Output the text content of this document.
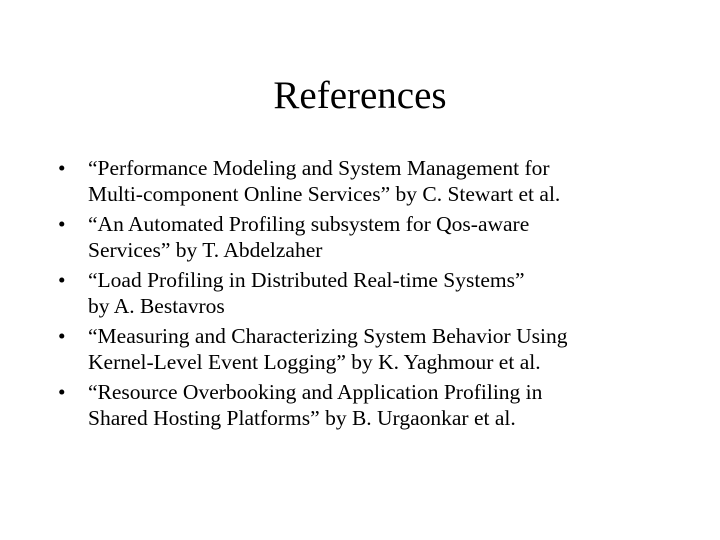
References
• “Performance Modeling and System Management for
Multi-component Online Services” by C. Stewart et al.
• “An Automated Profiling subsystem for Qos-aware
Services” by T. Abdelzaher
• “Load Profiling in Distributed Real-time Systems”
by A. Bestavros
• “Measuring and Characterizing System Behavior Using
Kernel-Level Event Logging” by K. Yaghmour et al.
• “Resource Overbooking and Application Profiling in
Shared Hosting Platforms” by B. Urgaonkar et al.
